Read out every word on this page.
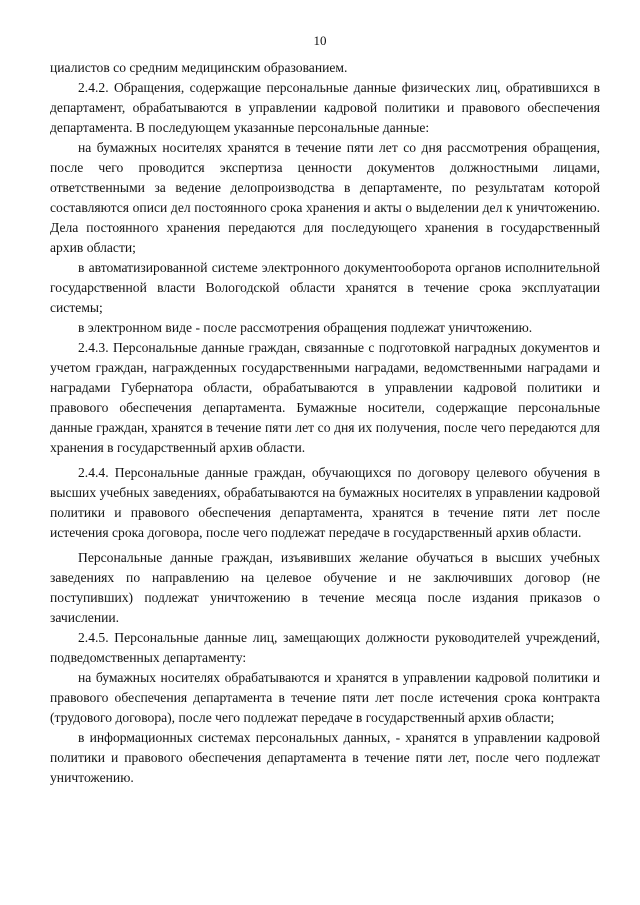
10

циалистов со средним медицинским образованием.

2.4.2. Обращения, содержащие персональные данные физических лиц, обратившихся в департамент, обрабатываются в управлении кадровой политики и правового обеспечения департамента. В последующем указанные персональные данные:

на бумажных носителях хранятся в течение пяти лет со дня рассмотрения обращения, после чего проводится экспертиза ценности документов должностными лицами, ответственными за ведение делопроизводства в департаменте, по результатам которой составляются описи дел постоянного срока хранения и акты о выделении дел к уничтожению. Дела постоянного хранения передаются для последующего хранения в государственный архив области;

в автоматизированной системе электронного документооборота органов исполнительной государственной власти Вологодской области хранятся в течение срока эксплуатации системы;

в электронном виде - после рассмотрения обращения подлежат уничтожению.

2.4.3. Персональные данные граждан, связанные с подготовкой наградных документов и учетом граждан, награжденных государственными наградами, ведомственными наградами и наградами Губернатора области, обрабатываются в управлении кадровой политики и правового обеспечения департамента. Бумажные носители, содержащие персональные данные граждан, хранятся в течение пяти лет со дня их получения, после чего передаются для хранения в государственный архив области.

2.4.4. Персональные данные граждан, обучающихся по договору целевого обучения в высших учебных заведениях, обрабатываются на бумажных носителях в управлении кадровой политики и правового обеспечения департамента, хранятся в течение пяти лет после истечения срока договора, после чего подлежат передаче в государственный архив области.

Персональные данные граждан, изъявивших желание обучаться в высших учебных заведениях по направлению на целевое обучение и не заключивших договор (не поступивших) подлежат уничтожению в течение месяца после издания приказов о зачислении.

2.4.5. Персональные данные лиц, замещающих должности руководителей учреждений, подведомственных департаменту:

на бумажных носителях обрабатываются и хранятся в управлении кадровой политики и правового обеспечения департамента в течение пяти лет после истечения срока контракта (трудового договора), после чего подлежат передаче в государственный архив области;

в информационных системах персональных данных, - хранятся в управлении кадровой политики и правового обеспечения департамента в течение пяти лет, после чего подлежат уничтожению.
